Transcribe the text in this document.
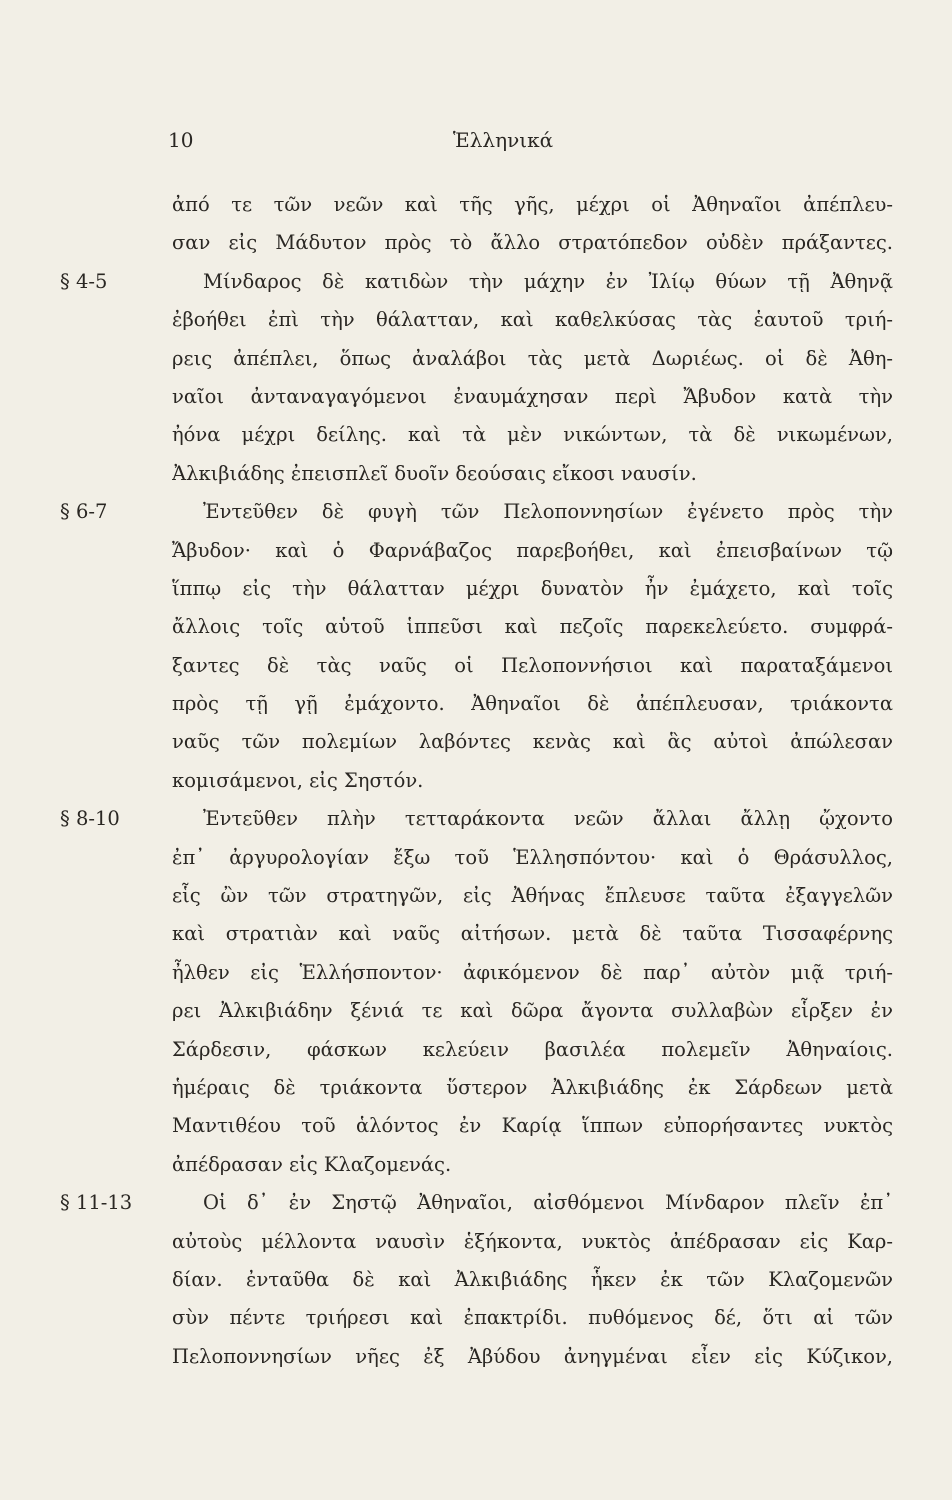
10	Ἑλληνικά
ἀπό τε τῶν νεῶν καὶ τῆς γῆς, μέχρι οἱ Ἀθηναῖοι ἀπέπλευ-
σαν εἰς Μάδυτον πρὸς τὸ ἄλλο στρατόπεδον οὐδὲν πράξαντες.
§ 4-5	Μίνδαρος δὲ κατιδὼν τὴν μάχην ἐν Ἰλίῳ θύων τῇ Ἀθηνᾷ
ἐβοήθει ἐπὶ τὴν θάλατταν, καὶ καθελκύσας τὰς ἑαυτοῦ τριή-
ρεις ἀπέπλει, ὅπως ἀναλάβοι τὰς μετὰ Δωριέως. οἱ δὲ Ἀθη-
ναῖοι ἀνταναγαγόμενοι ἐναυμάχησαν περὶ Ἄβυδον κατὰ τὴν
ἠόνα μέχρι δείλης. καὶ τὰ μὲν νικώντων, τὰ δὲ νικωμένων,
Ἀλκιβιάδης ἐπεισπλεῖ δυοῖν δεούσαις εἴκοσι ναυσίν.
§ 6-7	Ἐντεῦθεν δὲ φυγὴ τῶν Πελοποννησίων ἐγένετο πρὸς τὴν
Ἄβυδον· καὶ ὁ Φαρνάβαζος παρεβοήθει, καὶ ἐπεισβαίνων τῷ
ἵππῳ εἰς τὴν θάλατταν μέχρι δυνατὸν ἦν ἐμάχετο, καὶ τοῖς
ἄλλοις τοῖς αὑτοῦ ἱππεῦσι καὶ πεζοῖς παρεκελεύετο. συμφρά-
ξαντες δὲ τὰς ναῦς οἱ Πελοποννήσιοι καὶ παραταξάμενοι
πρὸς τῇ γῇ ἐμάχοντο. Ἀθηναῖοι δὲ ἀπέπλευσαν, τριάκοντα
ναῦς τῶν πολεμίων λαβόντες κενὰς καὶ ἃς αὐτοὶ ἀπώλεσαν
κομισάμενοι, εἰς Σηστόν.
§ 8-10	Ἐντεῦθεν πλὴν τετταράκοντα νεῶν ἄλλαι ἄλλῃ ᾤχοντο
ἐπ᾽ ἀργυρολογίαν ἔξω τοῦ Ἑλλησπόντου· καὶ ὁ Θράσυλλος,
εἷς ὢν τῶν στρατηγῶν, εἰς Ἀθήνας ἔπλευσε ταῦτα ἐξαγγελῶν
καὶ στρατιὰν καὶ ναῦς αἰτήσων. μετὰ δὲ ταῦτα Τισσαφέρνης
ἦλθεν εἰς Ἑλλήσποντον· ἀφικόμενον δὲ παρ᾽ αὐτὸν μιᾷ τριή-
ρει Ἀλκιβιάδην ξένιά τε καὶ δῶρα ἄγοντα συλλαβὼν εἷρξεν ἐν
Σάρδεσιν, φάσκων κελεύειν βασιλέα πολεμεῖν Ἀθηναίοις.
ἡμέραις δὲ τριάκοντα ὕστερον Ἀλκιβιάδης ἐκ Σάρδεων μετὰ
Μαντιθέου τοῦ ἁλόντος ἐν Καρίᾳ ἵππων εὐπορήσαντες νυκτὸς
ἀπέδρασαν εἰς Κλαζομενάς.
§ 11-13	Οἱ δ᾽ ἐν Σηστῷ Ἀθηναῖοι, αἰσθόμενοι Μίνδαρον πλεῖν ἐπ᾽
αὐτοὺς μέλλοντα ναυσὶν ἑξήκοντα, νυκτὸς ἀπέδρασαν εἰς Καρ-
δίαν. ἐνταῦθα δὲ καὶ Ἀλκιβιάδης ἧκεν ἐκ τῶν Κλαζομενῶν
σὺν πέντε τριήρεσι καὶ ἐπακτρίδι. πυθόμενος δέ, ὅτι αἱ τῶν
Πελοποννησίων νῆες ἐξ Ἀβύδου ἀνηγμέναι εἶεν εἰς Κύζικον,
